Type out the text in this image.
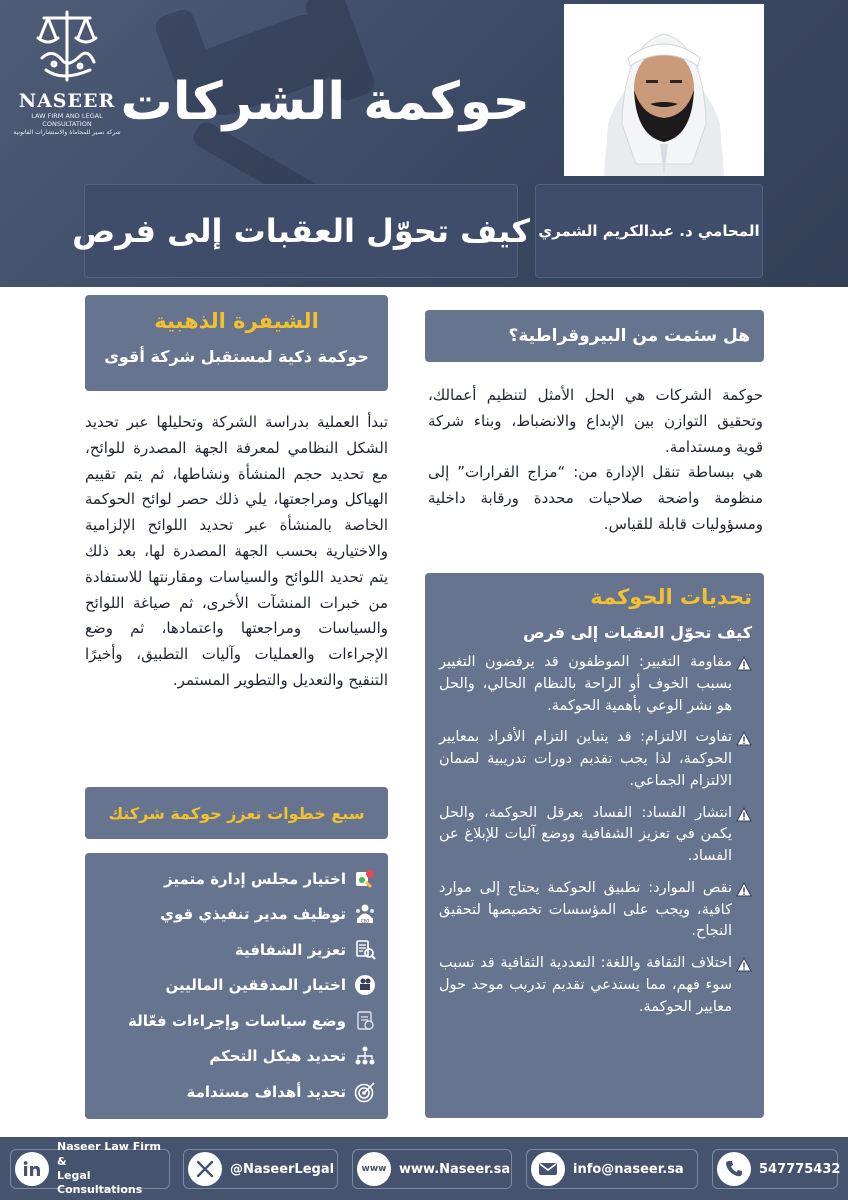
NASEER
LAW FIRM AND LEGAL CONSULTATION
شركة نصير للمحاماة والاستشارات القانونية
حوكمة الشركات
كيف تحوّل العقبات إلى فرص المحامي د. عبدالكريم الشمري
الشيفرة الذهبية
حوكمة ذكية لمستقبل شركة أقوى
تبدأ العملية بدراسة الشركة وتحليلها عبر تحديد الشكل النظامي لمعرفة الجهة المصدرة للوائح، مع تحديد حجم المنشأة ونشاطها، ثم يتم تقييم الهياكل ومراجعتها، يلي ذلك حصر لوائح الحوكمة الخاصة بالمنشأة عبر تحديد اللوائح الإلزامية والاختيارية بحسب الجهة المصدرة لها، بعد ذلك يتم تحديد اللوائح والسياسات ومقارنتها للاستفادة من خبرات المنشآت الأخرى، ثم صياغة اللوائح والسياسات ومراجعتها واعتمادها، ثم وضع الإجراءات والعمليات وآليات التطبيق، وأخيرًا التنقيح والتعديل والتطوير المستمر.
سبع خطوات تعزز حوكمة شركتك
اختيار مجلس إدارة متميز
CEO
توظيف مدير تنفيذي قوي
تعزيز الشفافية
اختيار المدققين الماليين
وضع سياسات وإجراءات فعّالة
تحديد هيكل التحكم
تحديد أهداف مستدامة
هل سئمت من البيروقراطية؟

حوكمة الشركات هي الحل الأمثل لتنظيم أعمالك، وتحقيق التوازن بين الإبداع والانضباط، وبناء شركة قوية ومستدامة.

هي ببساطة تنقل الإدارة من: “مزاج القرارات” إلى منظومة واضحة صلاحيات محددة ورقابة داخلية ومسؤوليات قابلة للقياس.

تحديات الحوكمة
كيف تحوّل العقبات إلى فرص
مقاومة التغيير: الموظفون قد يرفضون التغيير بسبب الخوف أو الراحة بالنظام الحالي، والحل هو نشر الوعي بأهمية الحوكمة.
تفاوت الالتزام: قد يتباين التزام الأفراد بمعايير الحوكمة، لذا يجب تقديم دورات تدريبية لضمان الالتزام الجماعي.
انتشار الفساد: الفساد يعرقل الحوكمة، والحل يكمن في تعزيز الشفافية ووضع آليات للإبلاغ عن الفساد.
نقص الموارد: تطبيق الحوكمة يحتاج إلى موارد كافية، ويجب على المؤسسات تخصيصها لتحقيق النجاح.
اختلاف الثقافة واللغة: التعددية الثقافية قد تسبب سوء فهم، مما يستدعي تقديم تدريب موحد حول معايير الحوكمة.
Naseer Law Firm &
Legal Consultations
@NaseerLegal	www www.Naseer.sa	info@naseer.sa	547775432
